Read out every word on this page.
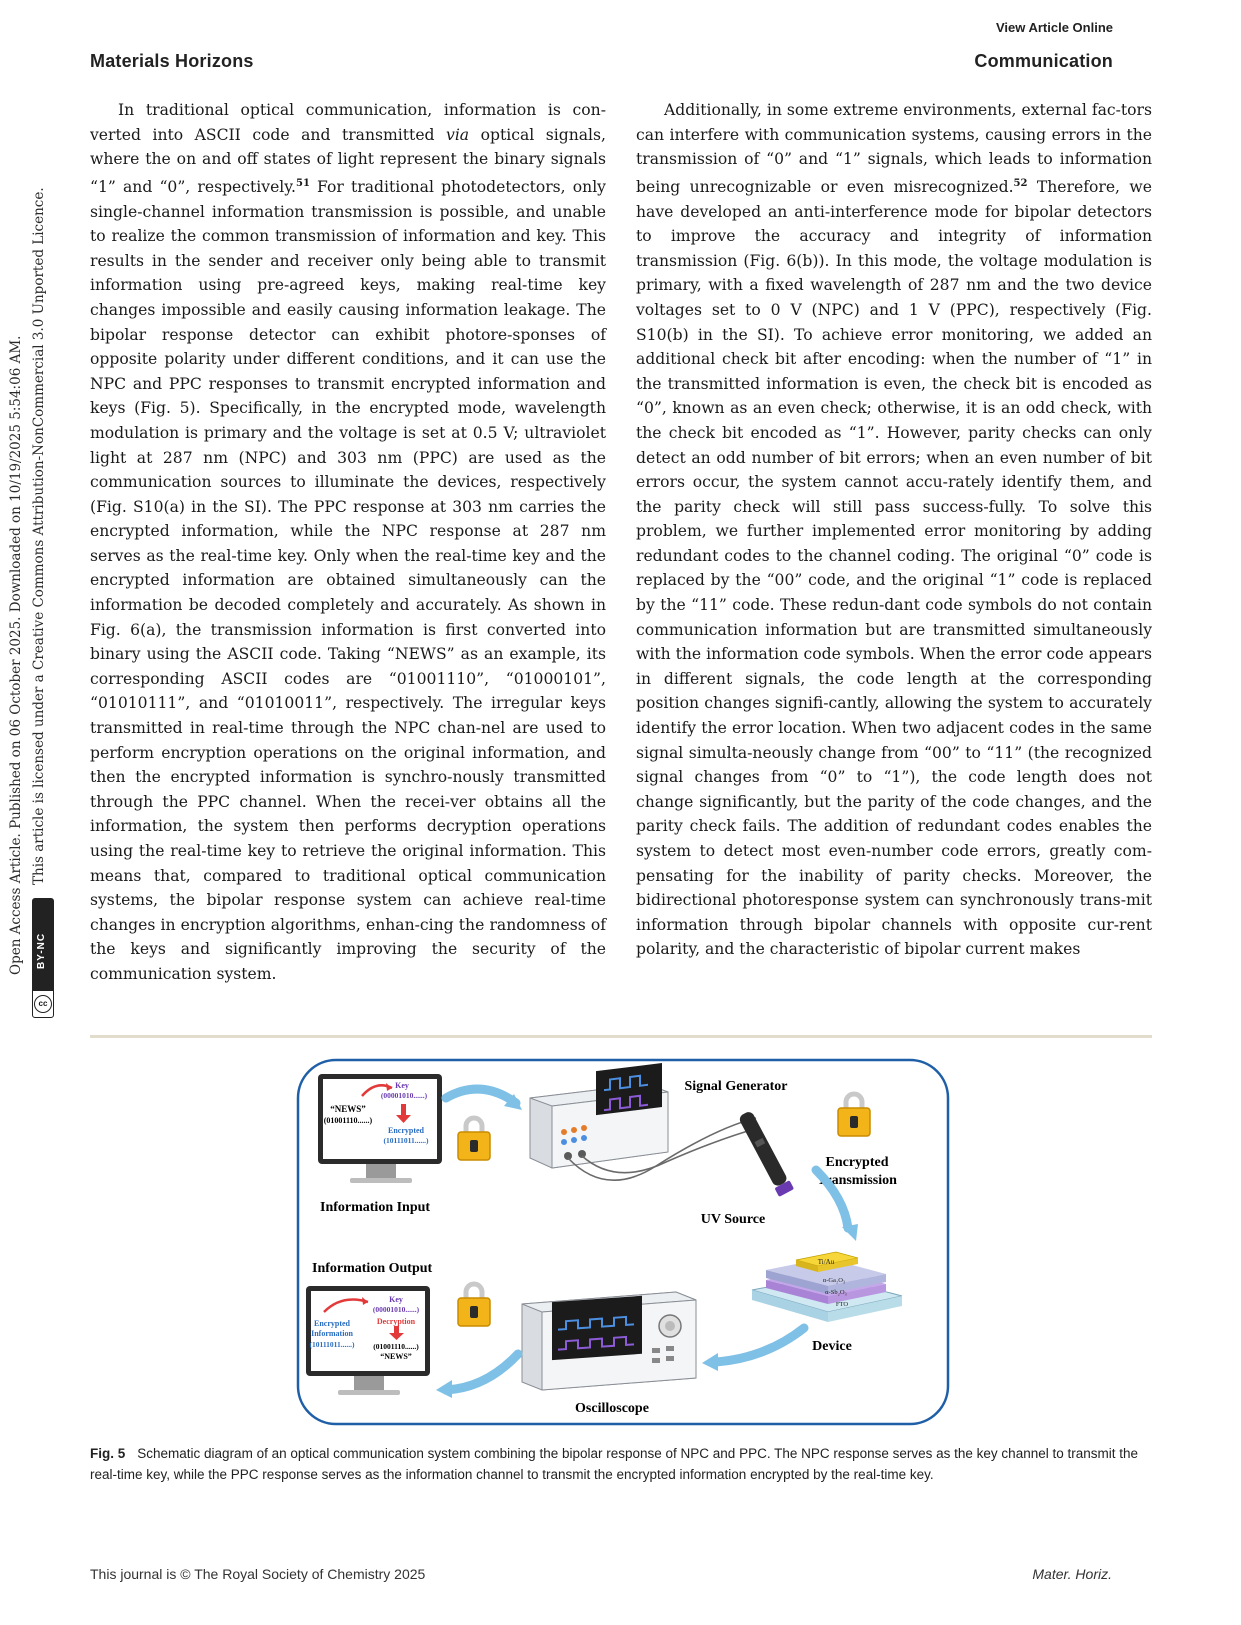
View Article Online
Materials Horizons	Communication
Open Access Article. Published on 06 October 2025. Downloaded on 10/19/2025 5:54:06 AM. This article is licensed under a Creative Commons Attribution-NonCommercial 3.0 Unported Licence.
BY-NC
cc

In traditional optical communication, information is con-verted into ASCII code and transmitted via optical signals, where the on and off states of light represent the binary signals “1” and “0”, respectively.$^{51}$ For traditional photodetectors, only single-channel information transmission is possible, and unable to realize the common transmission of information and key. This results in the sender and receiver only being able to transmit information using pre-agreed keys, making real-time key changes impossible and easily causing information leakage. The bipolar response detector can exhibit photore-sponses of opposite polarity under different conditions, and it can use the NPC and PPC responses to transmit encrypted information and keys (Fig. 5). Specifically, in the encrypted mode, wavelength modulation is primary and the voltage is set at 0.5 V; ultraviolet light at 287 nm (NPC) and 303 nm (PPC) are used as the communication sources to illuminate the devices, respectively (Fig. S10(a) in the SI). The PPC response at 303 nm carries the encrypted information, while the NPC response at 287 nm serves as the real-time key. Only when the real-time key and the encrypted information are obtained simultaneously can the information be decoded completely and accurately. As shown in Fig. 6(a), the transmission information is first converted into binary using the ASCII code. Taking “NEWS” as an example, its corresponding ASCII codes are “01001110”, “01000101”, “01010111”, and “01010011”, respectively. The irregular keys transmitted in real-time through the NPC chan-nel are used to perform encryption operations on the original information, and then the encrypted information is synchro-nously transmitted through the PPC channel. When the recei-ver obtains all the information, the system then performs decryption operations using the real-time key to retrieve the original information. This means that, compared to traditional optical communication systems, the bipolar response system can achieve real-time changes in encryption algorithms, enhan-cing the randomness of the keys and significantly improving the security of the communication system.

Additionally, in some extreme environments, external fac-tors can interfere with communication systems, causing errors in the transmission of “0” and “1” signals, which leads to information being unrecognizable or even misrecognized.$^{52}$ Therefore, we have developed an anti-interference mode for bipolar detectors to improve the accuracy and integrity of information transmission (Fig. 6(b)). In this mode, the voltage modulation is primary, with a fixed wavelength of 287 nm and the two device voltages set to 0 V (NPC) and 1 V (PPC), respectively (Fig. S10(b) in the SI). To achieve error monitoring, we added an additional check bit after encoding: when the number of “1” in the transmitted information is even, the check bit is encoded as “0”, known as an even check; otherwise, it is an odd check, with the check bit encoded as “1”. However, parity checks can only detect an odd number of bit errors; when an even number of bit errors occur, the system cannot accu-rately identify them, and the parity check will still pass success-fully. To solve this problem, we further implemented error monitoring by adding redundant codes to the channel coding. The original “0” code is replaced by the “00” code, and the original “1” code is replaced by the “11” code. These redun-dant code symbols do not contain communication information but are transmitted simultaneously with the information code symbols. When the error code appears in different signals, the code length at the corresponding position changes signifi-cantly, allowing the system to accurately identify the error location. When two adjacent codes in the same signal simulta-neously change from “00” to “11” (the recognized signal changes from “0” to “1”), the code length does not change significantly, but the parity of the code changes, and the parity check fails. The addition of redundant codes enables the system to detect most even-number code errors, greatly com-pensating for the inability of parity checks. Moreover, the bidirectional photoresponse system can synchronously trans-mit information through bipolar channels with opposite cur-rent polarity, and the characteristic of bipolar current makes

“NEWS”
(01001110......)
Key
(00001010......)
Encrypted
(10111011......)
Signal Generator
UV Source
Encrypted
Transmission
Information Input
Information Output	Ti/Au
α-Ga₂O₃
α-Sb₂O₃
FTO
Device
Oscilloscope
Key
(00001010......)
Encrypted
Information
(10111011......)
Decryption
(01001110......)
“NEWS”
Fig. 5 Schematic diagram of an optical communication system combining the bipolar response of NPC and PPC. The NPC response serves as the key channel to transmit the real-time key, while the PPC response serves as the information channel to transmit the encrypted information encrypted by the real-time key.
This journal is © The Royal Society of Chemistry 2025	Mater. Horiz.
